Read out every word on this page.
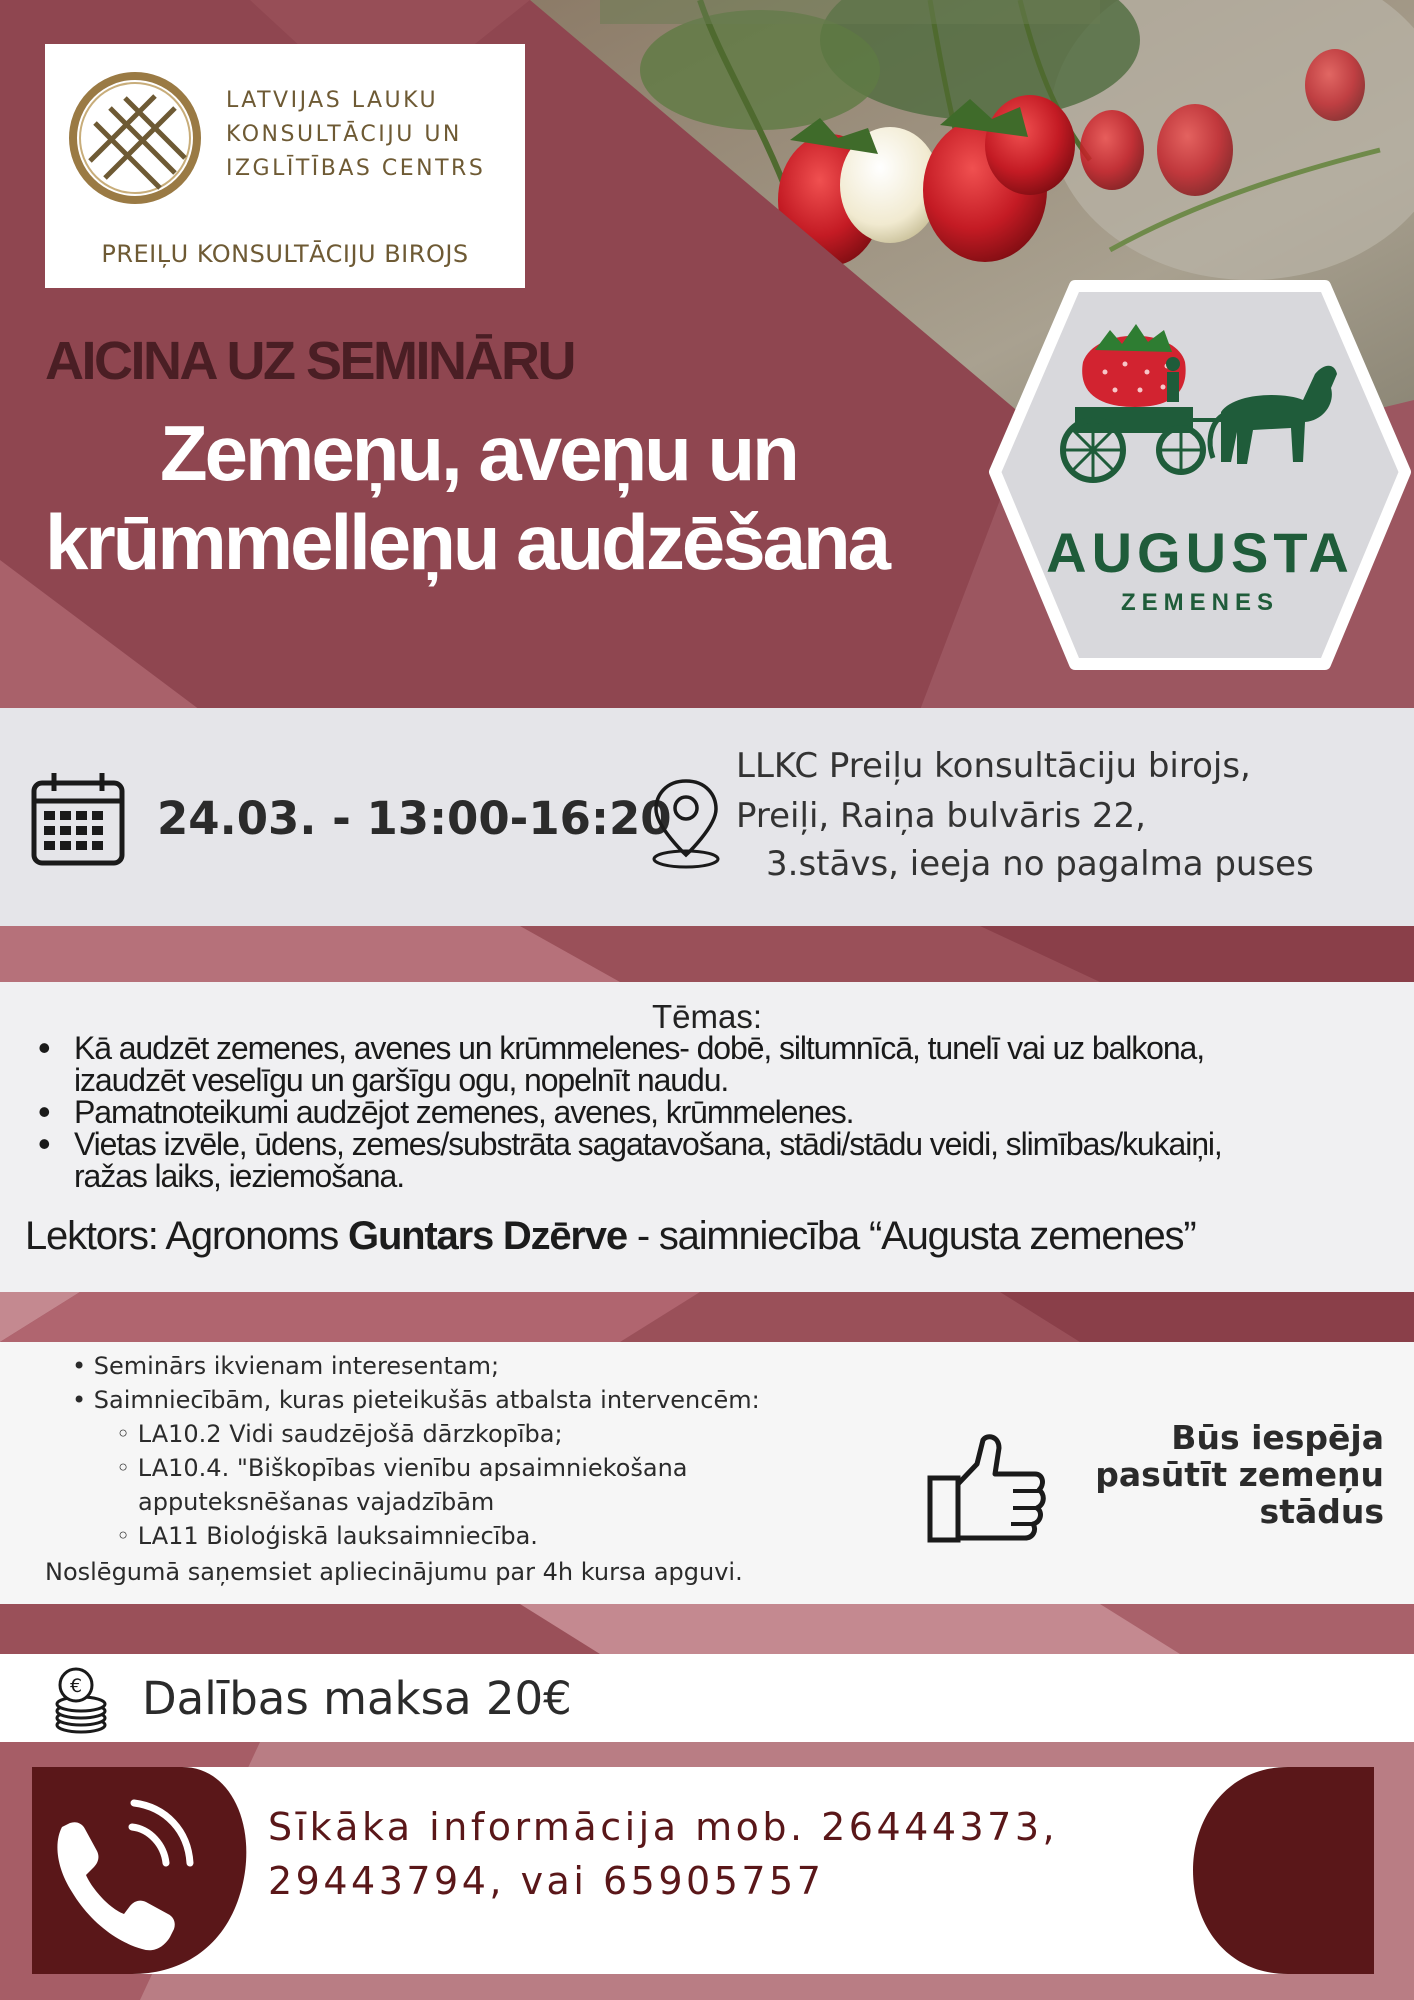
LATVIJAS LAUKU
KONSULTĀCIJU UN
IZGLĪTĪBAS CENTRS
PREIĻU KONSULTĀCIJU BIROJS
AICINA UZ SEMINĀRU
Zemeņu, aveņu un
krūmmelleņu audzēšana	AUGUSTA
ZEMENES
24.03. - 13:00-16:20
LLKC Preiļu konsultāciju birojs,
Preiļi, Raiņa bulvāris 22,
3.stāvs, ieeja no pagalma puses
Tēmas:
• Kā audzēt zemenes, avenes un krūmmelenes- dobē, siltumnīcā, tunelī vai uz balkona,
izaudzēt veselīgu un garšīgu ogu, nopelnīt naudu.
• Pamatnoteikumi audzējot zemenes, avenes, krūmmelenes.
• Vietas izvēle, ūdens, zemes/substrāta sagatavošana, stādi/stādu veidi, slimības/kukaiņi,
ražas laiks, ieziemošana.
Lektors: Agronoms Guntars Dzērve - saimniecība “Augusta zemenes”
• Seminārs ikvienam interesentam;
• Saimniecībām, kuras pieteikušās atbalsta intervencēm:
◦ LA10.2 Vidi saudzējošā dārzkopība;
◦ LA10.4. "Biškopības vienību apsaimniekošana
apputeksnēšanas vajadzībām
◦ LA11 Bioloģiskā lauksaimniecība.
Noslēgumā saņemsiet apliecinājumu par 4h kursa apguvi.
Būs iespēja
pasūtīt zemeņu
stādus
€ Dalības maksa 20€
Sīkāka informācija mob. 26444373,
29443794, vai 65905757
